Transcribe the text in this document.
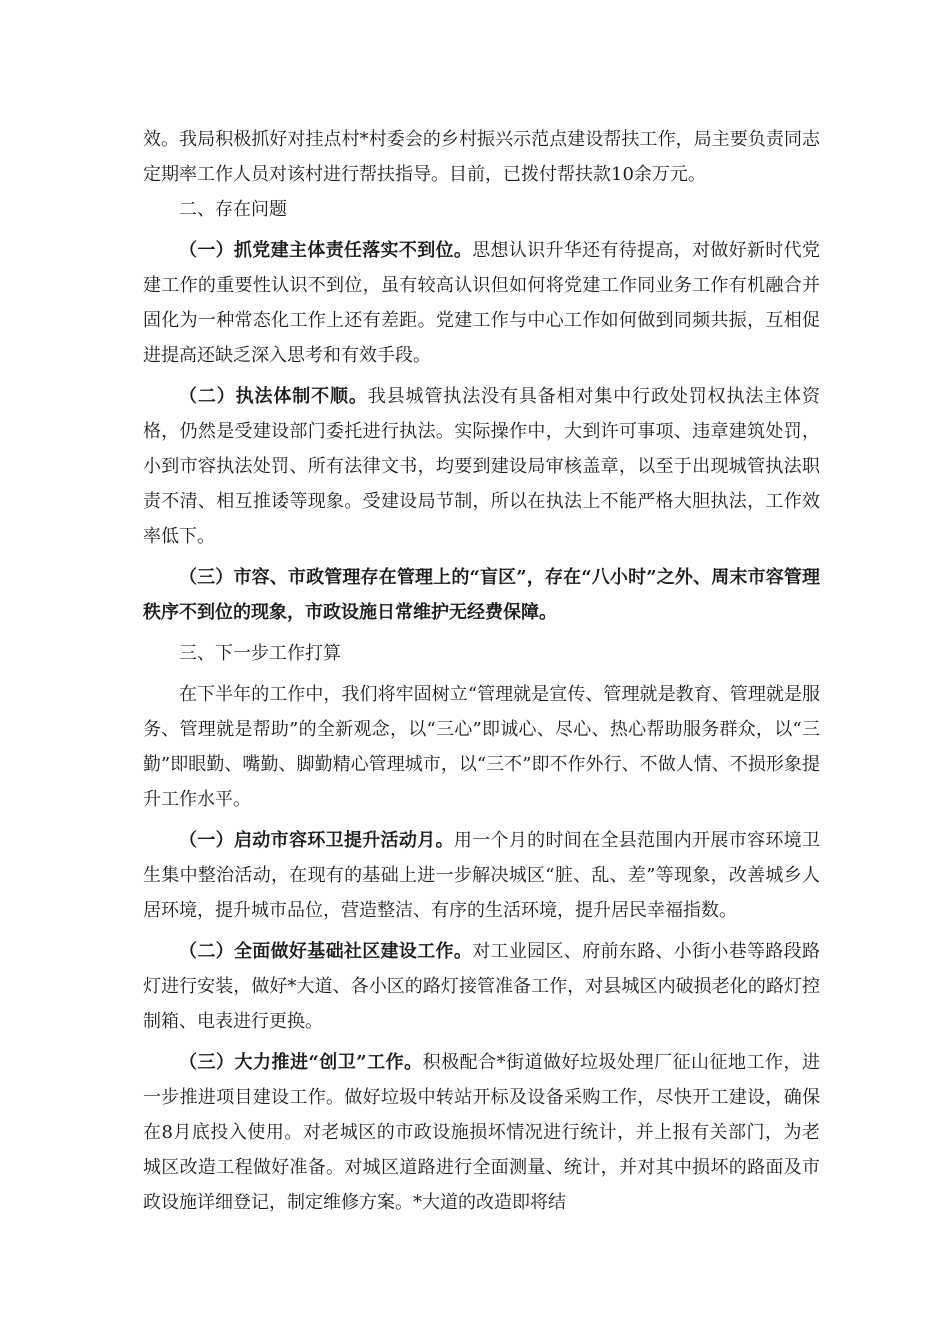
效。我局积极抓好对挂点村*村委会的乡村振兴示范点建设帮扶工作，局主要负责同志定期率工作人员对该村进行帮扶指导。目前，已拨付帮扶款10余万元。

二、存在问题

（一）抓党建主体责任落实不到位。思想认识升华还有待提高，对做好新时代党建工作的重要性认识不到位，虽有较高认识但如何将党建工作同业务工作有机融合并固化为一种常态化工作上还有差距。党建工作与中心工作如何做到同频共振，互相促进提高还缺乏深入思考和有效手段。

（二）执法体制不顺。我县城管执法没有具备相对集中行政处罚权执法主体资格，仍然是受建设部门委托进行执法。实际操作中，大到许可事项、违章建筑处罚，小到市容执法处罚、所有法律文书，均要到建设局审核盖章，以至于出现城管执法职责不清、相互推诿等现象。受建设局节制，所以在执法上不能严格大胆执法，工作效率低下。

（三）市容、市政管理存在管理上的“盲区”，存在“八小时”之外、周末市容管理秩序不到位的现象，市政设施日常维护无经费保障。

三、下一步工作打算

在下半年的工作中，我们将牢固树立“管理就是宣传、管理就是教育、管理就是服务、管理就是帮助”的全新观念，以“三心”即诚心、尽心、热心帮助服务群众，以“三勤”即眼勤、嘴勤、脚勤精心管理城市，以“三不”即不作外行、不做人情、不损形象提升工作水平。

（一）启动市容环卫提升活动月。用一个月的时间在全县范围内开展市容环境卫生集中整治活动，在现有的基础上进一步解决城区“脏、乱、差”等现象，改善城乡人居环境，提升城市品位，营造整洁、有序的生活环境，提升居民幸福指数。

（二）全面做好基础社区建设工作。对工业园区、府前东路、小街小巷等路段路灯进行安装，做好*大道、各小区的路灯接管准备工作，对县城区内破损老化的路灯控制箱、电表进行更换。

（三）大力推进“创卫”工作。积极配合*街道做好垃圾处理厂征山征地工作，进一步推进项目建设工作。做好垃圾中转站开标及设备采购工作，尽快开工建设，确保在8月底投入使用。对老城区的市政设施损坏情况进行统计，并上报有关部门，为老城区改造工程做好准备。对城区道路进行全面测量、统计，并对其中损坏的路面及市政设施详细登记，制定维修方案。*大道的改造即将结
